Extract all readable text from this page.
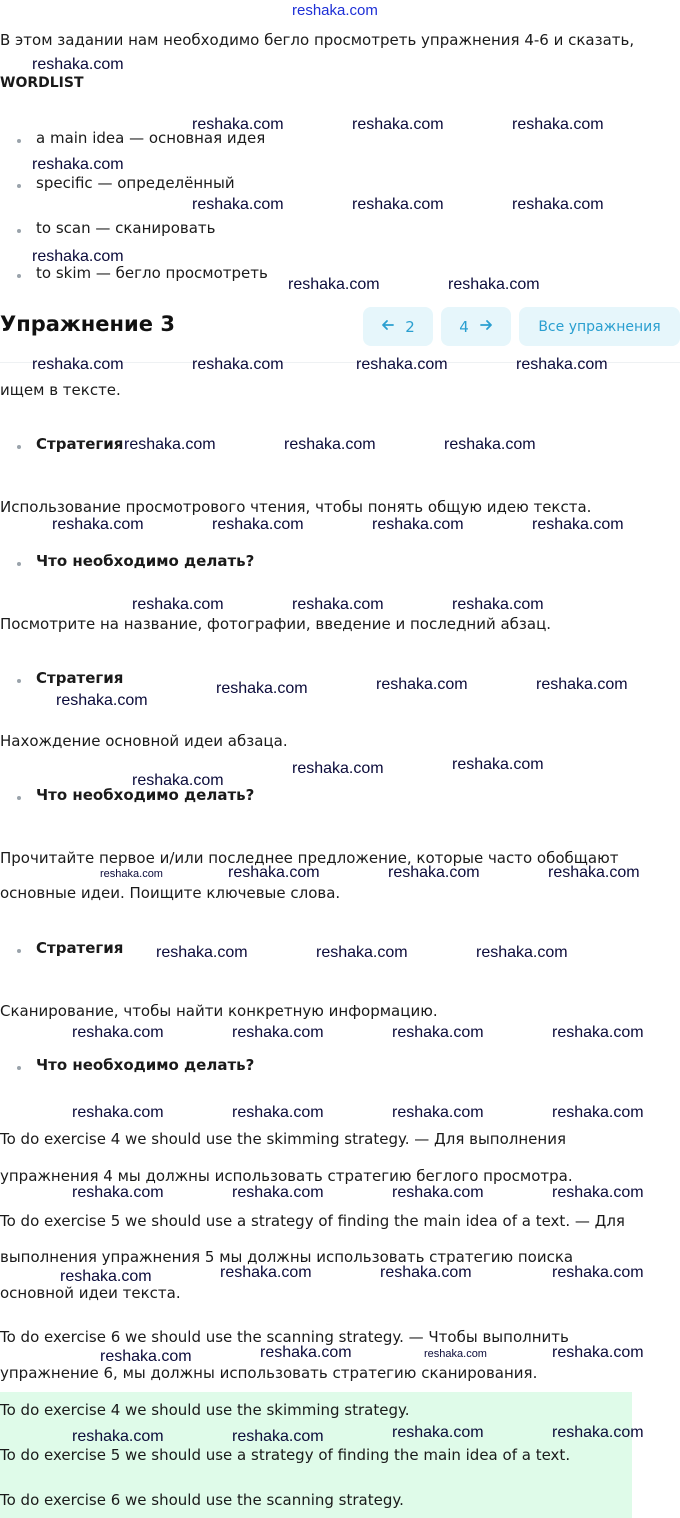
reshaka.com
В этом задании нам необходимо бегло просмотреть упражнения 4-6 и сказать,
WORDLIST
a main idea — основная идея
specific — определённый
to scan — сканировать
to skim — бегло просмотреть
Упражнение 3	2	4	Все упражнения
ищем в тексте.
Стратегия
Использование просмотрового чтения, чтобы понять общую идею текста.
Что необходимо делать?
Посмотрите на название, фотографии, введение и последний абзац.
Стратегия
Нахождение основной идеи абзаца.
Что необходимо делать?
Прочитайте первое и/или последнее предложение, которые часто обобщают
основные идеи. Поищите ключевые слова.
Стратегия
Сканирование, чтобы найти конкретную информацию.
Что необходимо делать?
To do exercise 4 we should use the skimming strategy. — Для выполнения
упражнения 4 мы должны использовать стратегию беглого просмотра.
To do exercise 5 we should use a strategy of finding the main idea of a text. — Для
выполнения упражнения 5 мы должны использовать стратегию поиска
основной идеи текста.
To do exercise 6 we should use the scanning strategy. — Чтобы выполнить
упражнение 6, мы должны использовать стратегию сканирования.
To do exercise 4 we should use the skimming strategy.
To do exercise 5 we should use a strategy of finding the main idea of a text.
To do exercise 6 we should use the scanning strategy.
reshaka.com
reshaka.com	reshaka.com	reshaka.com
reshaka.com
reshaka.com	reshaka.com	reshaka.com
reshaka.com
reshaka.com	reshaka.com
reshaka.com	reshaka.com	reshaka.com	reshaka.com
reshaka.com	reshaka.com	reshaka.com
reshaka.com	reshaka.com	reshaka.com	reshaka.com
reshaka.com	reshaka.com	reshaka.com
reshaka.com
reshaka.com	reshaka.com	reshaka.com
reshaka.com
reshaka.com	reshaka.com
reshaka.com	reshaka.com	reshaka.com	reshaka.com
reshaka.com	reshaka.com	reshaka.com
reshaka.com	reshaka.com	reshaka.com	reshaka.com
reshaka.com	reshaka.com	reshaka.com	reshaka.com
reshaka.com	reshaka.com	reshaka.com	reshaka.com
reshaka.com	reshaka.com	reshaka.com	reshaka.com
reshaka.com	reshaka.com	reshaka.com	reshaka.com
reshaka.com	reshaka.com	reshaka.com	reshaka.com
